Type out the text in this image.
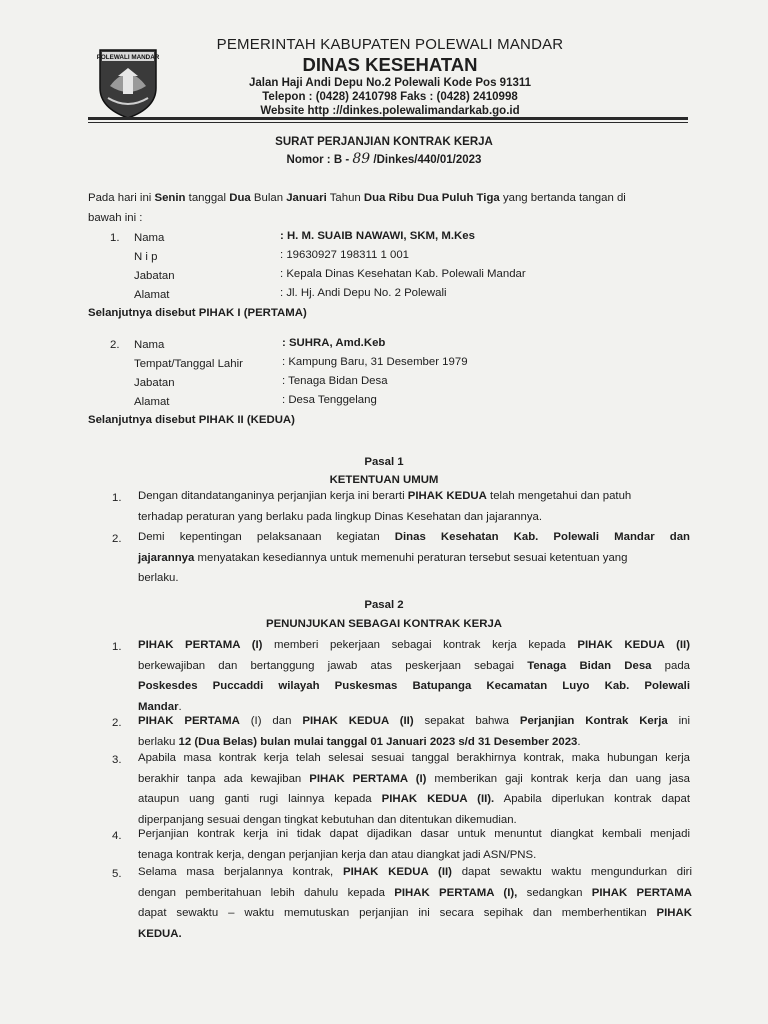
POLEWALI MANDAR

PEMERINTAH KABUPATEN POLEWALI MANDAR

DINAS KESEHATAN

Jalan Haji Andi Depu No.2 Polewali Kode Pos 91311

Telepon : (0428) 2410798 Faks : (0428) 2410998

Website http ://dinkes.polewalimandarkab.go.id

SURAT PERJANJIAN KONTRAK KERJA
Nomor : B - 89 /Dinkes/440/01/2023
Pada hari ini Senin tanggal Dua Bulan Januari Tahun Dua Ribu Dua Puluh Tiga yang bertanda tangan di
bawah ini :
1. Nama	: H. M. SUAIB NAWAWI, SKM, M.Kes
N i p	: 19630927 198311 1 001
Jabatan	: Kepala Dinas Kesehatan Kab. Polewali Mandar
Alamat	: Jl. Hj. Andi Depu No. 2 Polewali
Selanjutnya disebut PIHAK I (PERTAMA)
2. Nama	: SUHRA, Amd.Keb
Tempat/Tanggal Lahir	: Kampung Baru, 31 Desember 1979
Jabatan	: Tenaga Bidan Desa
Alamat	: Desa Tenggelang
Selanjutnya disebut PIHAK II (KEDUA)
Pasal 1
KETENTUAN UMUM
1. Dengan ditandatanganinya perjanjian kerja ini berarti PIHAK KEDUA telah mengetahui dan patuh
terhadap peraturan yang berlaku pada lingkup Dinas Kesehatan dan jajarannya.
2. Demi kepentingan pelaksanaan kegiatan Dinas Kesehatan Kab. Polewali Mandar dan
jajarannya menyatakan kesediannya untuk memenuhi peraturan tersebut sesuai ketentuan yang
berlaku.
Pasal 2
PENUNJUKAN SEBAGAI KONTRAK KERJA
1. PIHAK PERTAMA (I) memberi pekerjaan sebagai kontrak kerja kepada PIHAK KEDUA (II)
berkewajiban dan bertanggung jawab atas peskerjaan sebagai Tenaga Bidan Desa pada
Poskesdes Puccaddi wilayah Puskesmas Batupanga Kecamatan Luyo Kab. Polewali
Mandar.
2. PIHAK PERTAMA (I) dan PIHAK KEDUA (II) sepakat bahwa Perjanjian Kontrak Kerja ini
berlaku 12 (Dua Belas) bulan mulai tanggal 01 Januari 2023 s/d 31 Desember 2023.
3. Apabila masa kontrak kerja telah selesai sesuai tanggal berakhirnya kontrak, maka hubungan kerja
berakhir tanpa ada kewajiban PIHAK PERTAMA (I) memberikan gaji kontrak kerja dan uang jasa
ataupun uang ganti rugi lainnya kepada PIHAK KEDUA (II). Apabila diperlukan kontrak dapat
diperpanjang sesuai dengan tingkat kebutuhan dan ditentukan dikemudian.
4. Perjanjian kontrak kerja ini tidak dapat dijadikan dasar untuk menuntut diangkat kembali menjadi
tenaga kontrak kerja, dengan perjanjian kerja dan atau diangkat jadi ASN/PNS.
5. Selama masa berjalannya kontrak, PIHAK KEDUA (II) dapat sewaktu waktu mengundurkan diri
dengan pemberitahuan lebih dahulu kepada PIHAK PERTAMA (I), sedangkan PIHAK PERTAMA
dapat sewaktu – waktu memutuskan perjanjian ini secara sepihak dan memberhentikan PIHAK
KEDUA.
